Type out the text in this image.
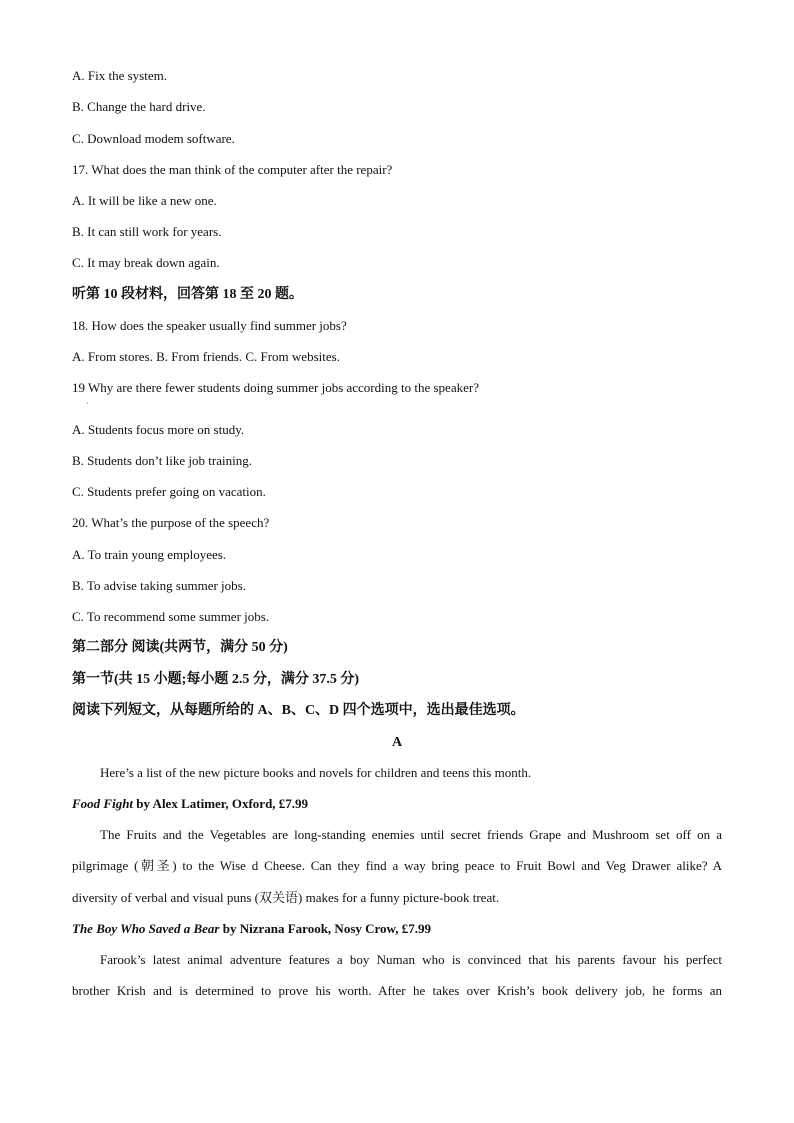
A. Fix the system.
B. Change the hard drive.
C. Download modem software.
17. What does the man think of the computer after the repair?
A. It will be like a new one.
B. It can still work for years.
C. It may break down again.
听第 10 段材料，回答第 18 至 20 题。
18. How does the speaker usually find summer jobs?
A. From stores. B. From friends. C. From websites.
19 Why are there fewer students doing summer jobs according to the speaker?
·
A. Students focus more on study.
B. Students don’t like job training.
C. Students prefer going on vacation.
20. What’s the purpose of the speech?
A. To train young employees.
B. To advise taking summer jobs.
C. To recommend some summer jobs.
第二部分 阅读(共两节，满分 50 分)
第一节(共 15 小题;每小题 2.5 分，满分 37.5 分)
阅读下列短文，从每题所给的 A、B、C、D 四个选项中，选出最佳选项。
A
Here’s a list of the new picture books and novels for children and teens this month.
Food Fight by Alex Latimer, Oxford, £7.99
The Fruits and the Vegetables are long-standing enemies until secret friends Grape and Mushroom set off on a
pilgrimage (朝圣) to the Wise d Cheese. Can they find a way bring peace to Fruit Bowl and Veg Drawer alike? A
diversity of verbal and visual puns (双关语) makes for a funny picture-book treat.
The Boy Who Saved a Bear by Nizrana Farook, Nosy Crow, £7.99
Farook’s latest animal adventure features a boy Numan who is convinced that his parents favour his perfect
brother Krish and is determined to prove his worth. After he takes over Krish’s book delivery job, he forms an
